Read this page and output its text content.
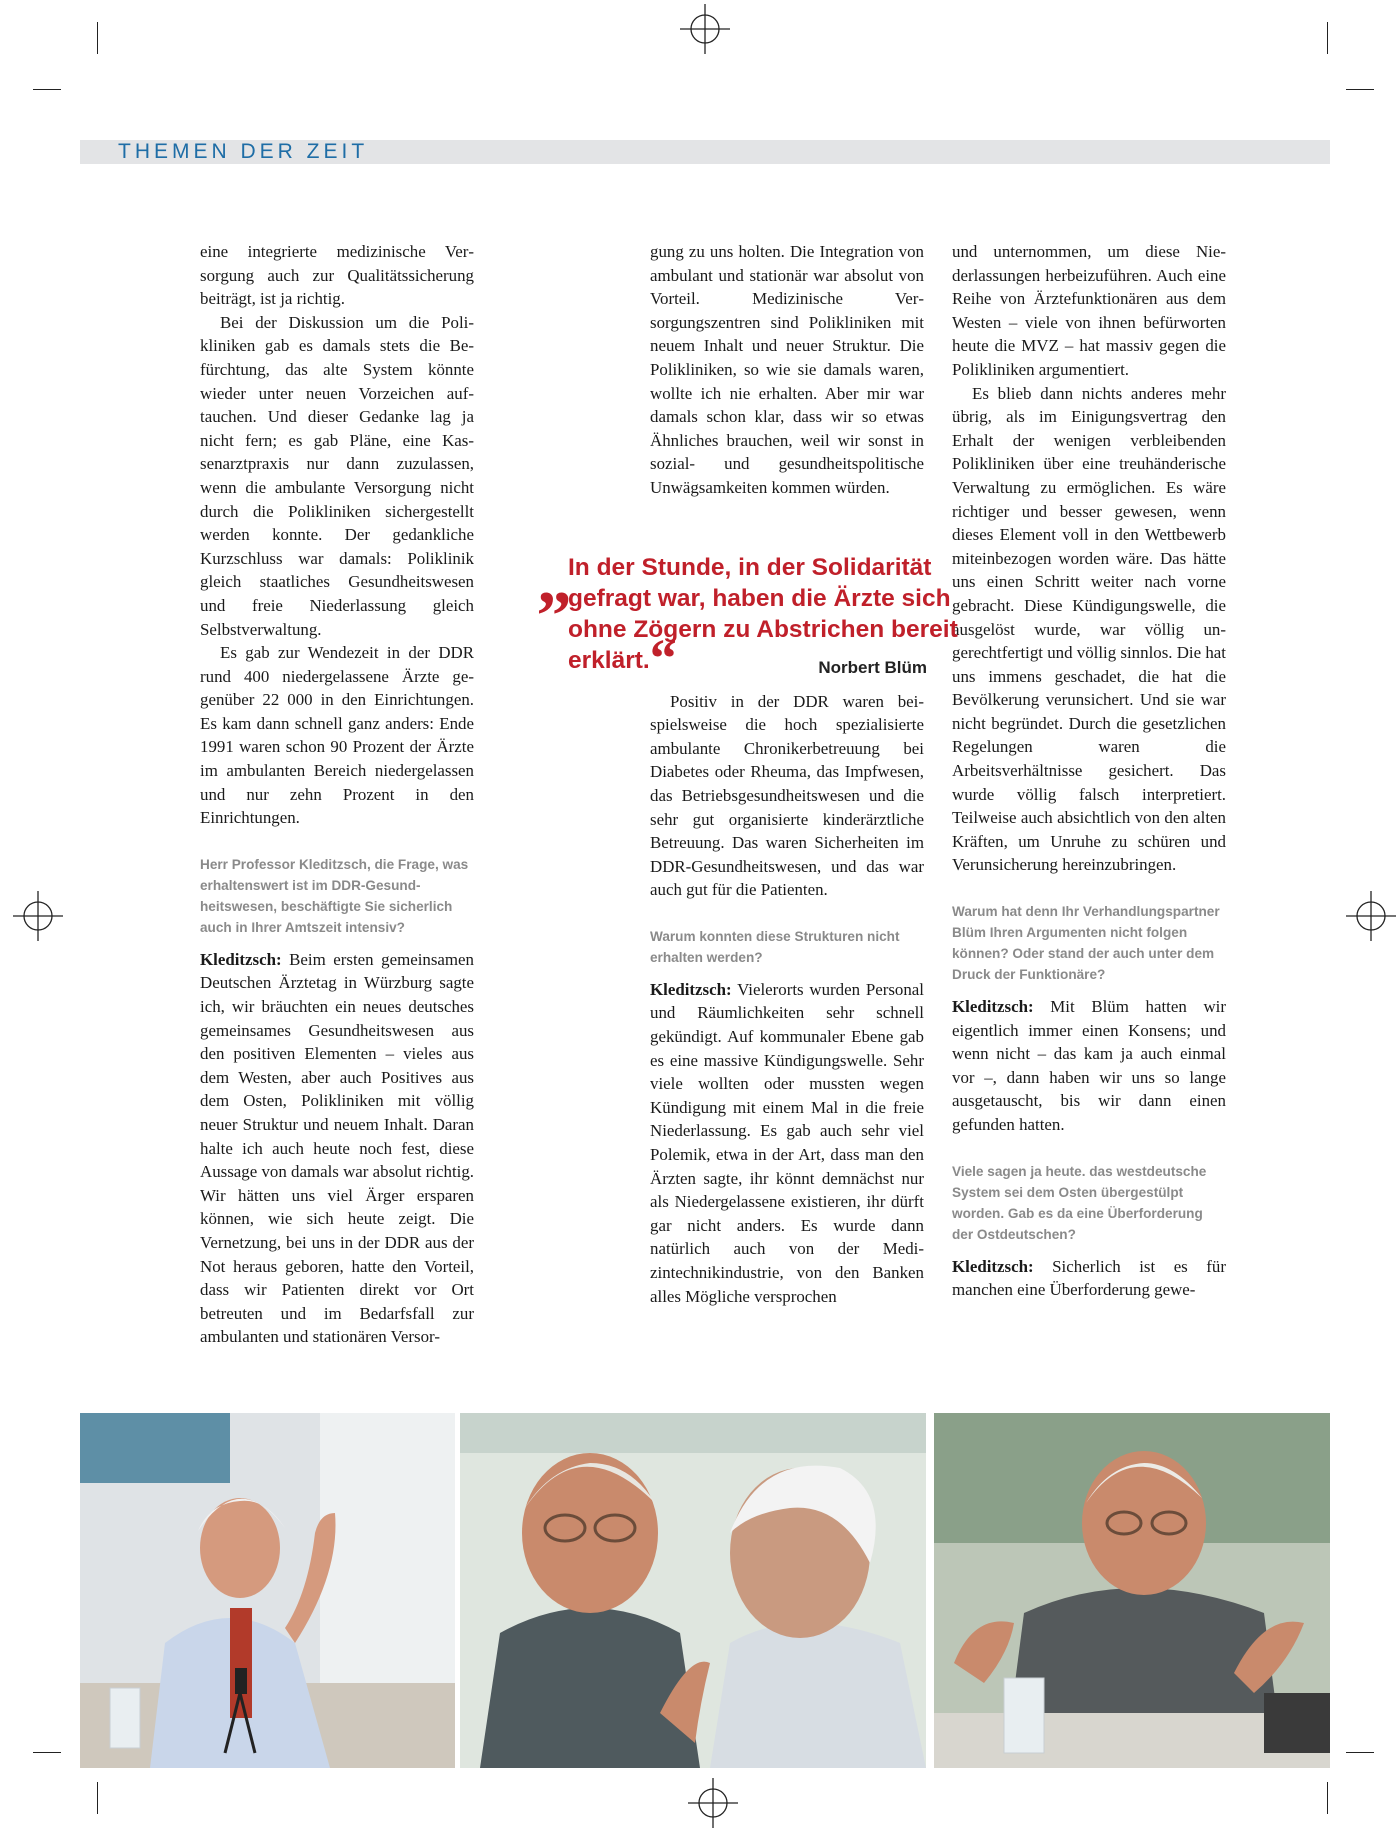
THEMEN DER ZEIT

eine integrierte medizinische Versorgung auch zur Qualitätssicherung beiträgt, ist ja richtig.

Bei der Diskussion um die Polikliniken gab es damals stets die Befürchtung, das alte System könnte wieder unter neuen Vorzeichen auftauchen. Und dieser Gedanke lag ja nicht fern; es gab Pläne, eine Kassenarztpraxis nur dann zuzulassen, wenn die ambulante Versorgung nicht durch die Polikliniken sichergestellt werden konnte. Der gedankliche Kurzschluss war damals: Poliklinik gleich staatliches Gesundheitswesen und freie Niederlassung gleich Selbstverwaltung.

Es gab zur Wendezeit in der DDR rund 400 niedergelassene Ärzte gegenüber 22 000 in den Einrichtungen. Es kam dann schnell ganz anders: Ende 1991 waren schon 90 Prozent der Ärzte im ambulanten Bereich niedergelassen und nur zehn Prozent in den Einrichtungen.

Herr Professor Kleditzsch, die Frage, was erhaltenswert ist im DDR-Gesundheitswesen, beschäftigte Sie sicherlich auch in Ihrer Amtszeit intensiv?

Kleditzsch: Beim ersten gemeinsamen Deutschen Ärztetag in Würzburg sagte ich, wir bräuchten ein neues deutsches gemeinsames Gesundheitswesen aus den positiven Elementen – vieles aus dem Westen, aber auch Positives aus dem Osten, Polikliniken mit völlig neuer Struktur und neuem Inhalt. Daran halte ich auch heute noch fest, diese Aussage von damals war absolut richtig. Wir hätten uns viel Ärger ersparen können, wie sich heute zeigt. Die Vernetzung, bei uns in der DDR aus der Not heraus geboren, hatte den Vorteil, dass wir Patienten direkt vor Ort betreuten und im Bedarfsfall zur ambulanten und stationären Versor-

gung zu uns holten. Die Integration von ambulant und stationär war absolut von Vorteil. Medizinische Versorgungszentren sind Polikliniken mit neuem Inhalt und neuer Struktur. Die Polikliniken, so wie sie damals waren, wollte ich nie erhalten. Aber mir war damals schon klar, dass wir so etwas Ähnliches brauchen, weil wir sonst in sozial- und gesundheitspolitische Unwägsamkeiten kommen würden.

Positiv in der DDR waren beispielsweise die hoch spezialisierte ambulante Chronikerbetreuung bei Diabetes oder Rheuma, das Impfwesen, das Betriebsgesundheitswesen und die sehr gut organisierte kinderärztliche Betreuung. Das waren Sicherheiten im DDR-Gesundheitswesen, und das war auch gut für die Patienten.

Warum konnten diese Strukturen nicht erhalten werden?

Kleditzsch: Vielerorts wurden Personal und Räumlichkeiten sehr schnell gekündigt. Auf kommunaler Ebene gab es eine massive Kündigungswelle. Sehr viele wollten oder mussten wegen Kündigung mit einem Mal in die freie Niederlassung. Es gab auch sehr viel Polemik, etwa in der Art, dass man den Ärzten sagte, ihr könnt demnächst nur als Niedergelassene existieren, ihr dürft gar nicht anders. Es wurde dann natürlich auch von der Medizintechnikindustrie, von den Banken alles Mögliche versprochen

und unternommen, um diese Niederlassungen herbeizuführen. Auch eine Reihe von Ärztefunktionären aus dem Westen – viele von ihnen befürworten heute die MVZ – hat massiv gegen die Polikliniken argumentiert.

Es blieb dann nichts anderes mehr übrig, als im Einigungsvertrag den Erhalt der wenigen verbleibenden Polikliniken über eine treuhänderische Verwaltung zu ermöglichen. Es wäre richtiger und besser gewesen, wenn dieses Element voll in den Wettbewerb miteinbezogen worden wäre. Das hätte uns einen Schritt weiter nach vorne gebracht. Diese Kündigungswelle, die ausgelöst wurde, war völlig ungerechtfertigt und völlig sinnlos. Die hat uns immens geschadet, die hat die Bevölkerung verunsichert. Und sie war nicht begründet. Durch die gesetzlichen Regelungen waren die Arbeitsverhältnisse gesichert. Das wurde völlig falsch interpretiert. Teilweise auch absichtlich von den alten Kräften, um Unruhe zu schüren und Verunsicherung hereinzubringen.

Warum hat denn Ihr Verhandlungspartner Blüm Ihren Argumenten nicht folgen können? Oder stand der auch unter dem Druck der Funktionäre?

Kleditzsch: Mit Blüm hatten wir eigentlich immer einen Konsens; und wenn nicht – das kam ja auch einmal vor –, dann haben wir uns so lange ausgetauscht, bis wir dann einen gefunden hatten.

Viele sagen ja heute. das westdeutsche System sei dem Osten übergestülpt worden. Gab es da eine Überforderung der Ostdeutschen?

Kleditzsch: Sicherlich ist es für manchen eine Überforderung gewe-

„
In der Stunde, in der Solidarität gefragt war, haben die Ärzte sich ohne Zögern zu Abstrichen bereit erklärt.“	Norbert Blüm
